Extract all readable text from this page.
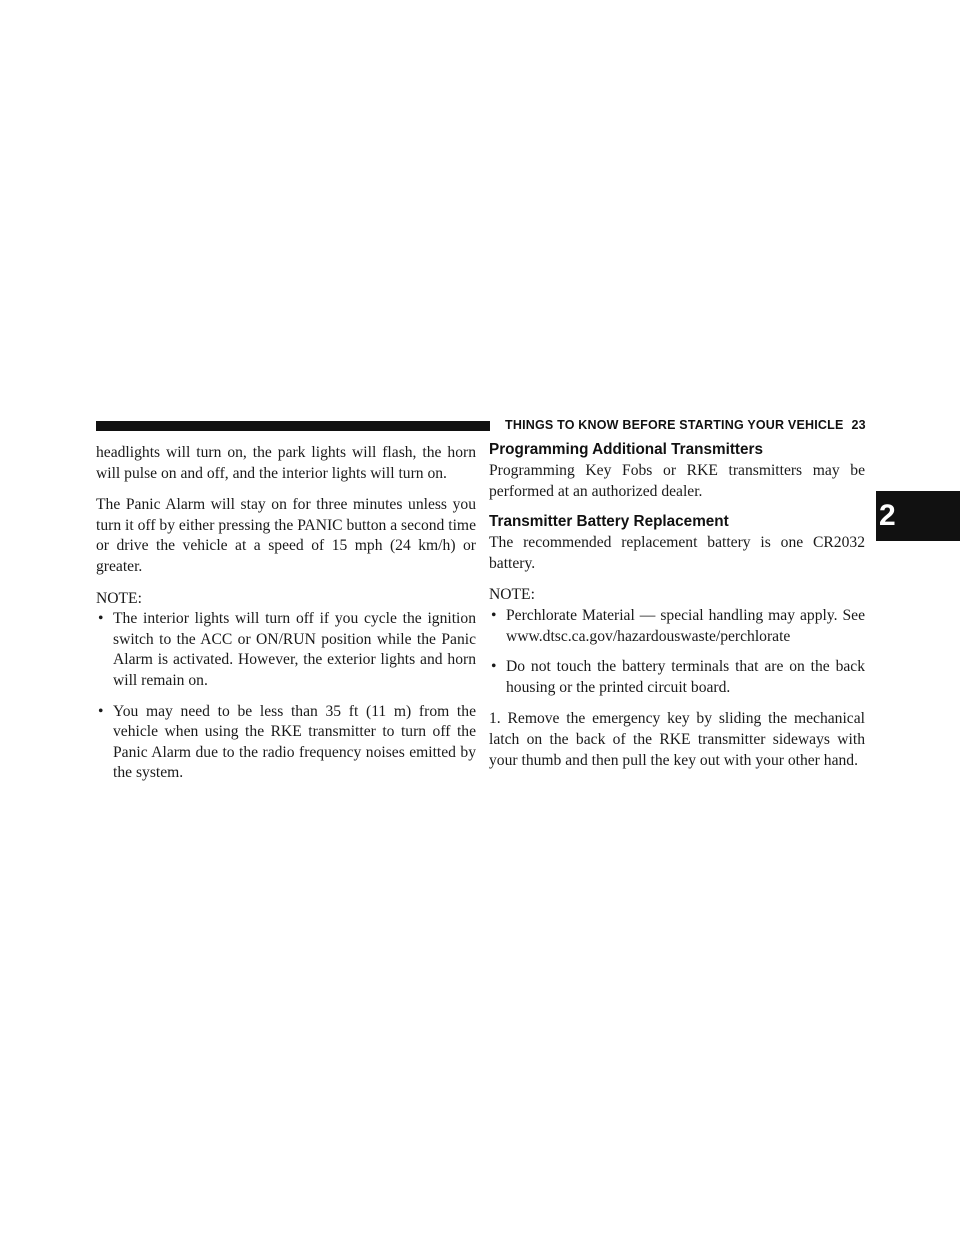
THINGS TO KNOW BEFORE STARTING YOUR VEHICLE 23
2

headlights will turn on, the park lights will flash, the horn will pulse on and off, and the interior lights will turn on.

The Panic Alarm will stay on for three minutes unless you turn it off by either pressing the PANIC button a second time or drive the vehicle at a speed of 15 mph (24 km/h) or greater.

NOTE:

• The interior lights will turn off if you cycle the ignition switch to the ACC or ON/RUN position while the Panic Alarm is activated. However, the exterior lights and horn will remain on.
• You may need to be less than 35 ft (11 m) from the vehicle when using the RKE transmitter to turn off the Panic Alarm due to the radio frequency noises emitted by the system.
Programming Additional Transmitters

Programming Key Fobs or RKE transmitters may be performed at an authorized dealer.

Transmitter Battery Replacement

The recommended replacement battery is one CR2032 battery.

NOTE:

• Perchlorate Material — special handling may apply. See www.dtsc.ca.gov/hazardouswaste/perchlorate
• Do not touch the battery terminals that are on the back housing or the printed circuit board.

1. Remove the emergency key by sliding the mechanical latch on the back of the RKE transmitter sideways with your thumb and then pull the key out with your other hand.
